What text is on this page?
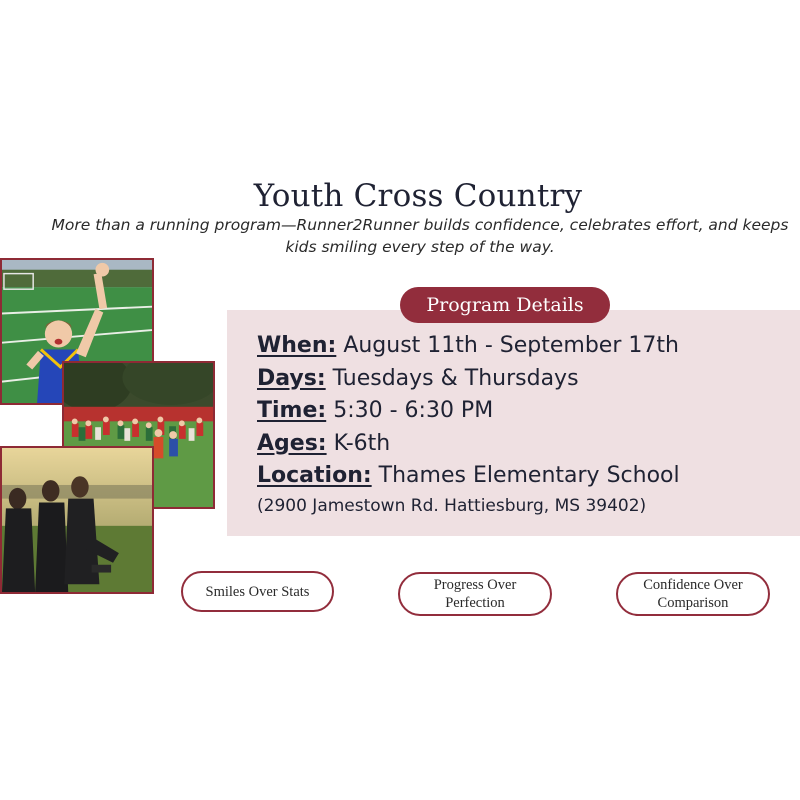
Youth Cross Country
More than a running program—Runner2Runner builds confidence, celebrates effort, and keeps kids smiling every step of the way.
Program Details
When: August 11th - September 17th
Days: Tuesdays & Thursdays
Time: 5:30 - 6:30 PM
Ages: K-6th
Location: Thames Elementary School
(2900 Jamestown Rd. Hattiesburg, MS 39402)
Smiles Over Stats	Progress Over Perfection
Confidence Over Comparison
